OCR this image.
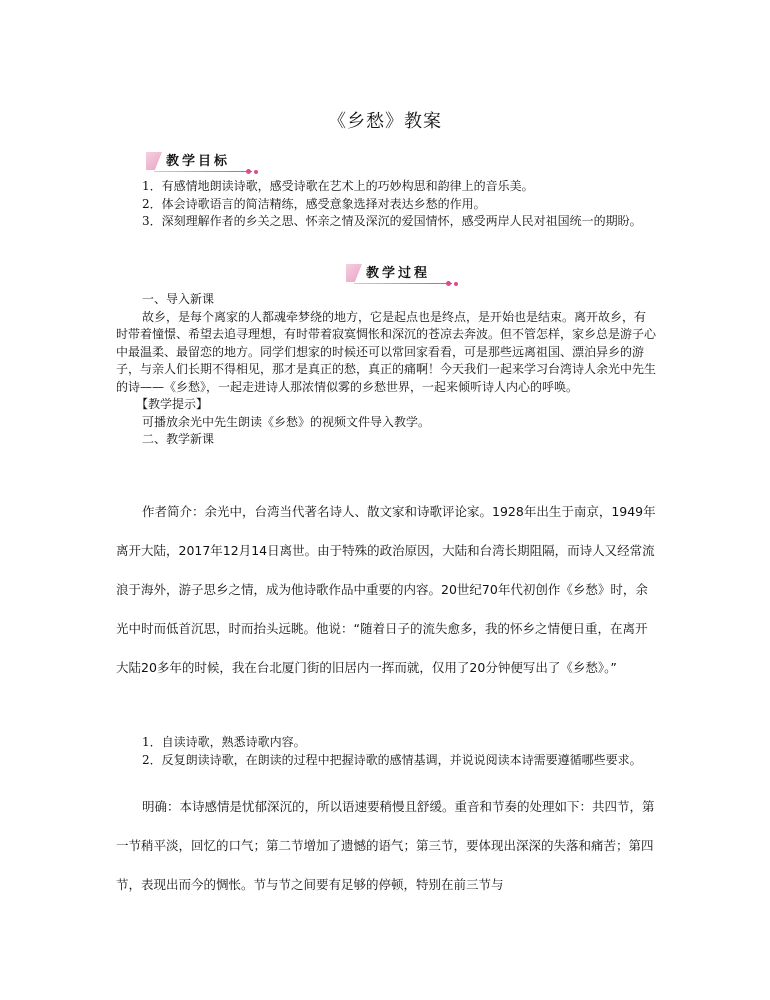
《乡愁》教案
教学目标

1．有感情地朗读诗歌，感受诗歌在艺术上的巧妙构思和韵律上的音乐美。

2．体会诗歌语言的简洁精练，感受意象选择对表达乡愁的作用。

3．深刻理解作者的乡关之思、怀亲之情及深沉的爱国情怀，感受两岸人民对祖国统一的期盼。

教学过程

一、导入新课

故乡，是每个离家的人都魂牵梦绕的地方，它是起点也是终点，是开始也是结束。离开故乡，有时带着憧憬、希望去追寻理想，有时带着寂寞惆怅和深沉的苍凉去奔波。但不管怎样，家乡总是游子心中最温柔、最留恋的地方。同学们想家的时候还可以常回家看看，可是那些远离祖国、漂泊异乡的游子，与亲人们长期不得相见，那才是真正的愁，真正的痛啊！今天我们一起来学习台湾诗人余光中先生的诗——《乡愁》，一起走进诗人那浓情似雾的乡愁世界，一起来倾听诗人内心的呼唤。

【教学提示】

可播放余光中先生朗读《乡愁》的视频文件导入教学。

二、教学新课

作者简介：余光中，台湾当代著名诗人、散文家和诗歌评论家。1928年出生于南京，1949年离开大陆，2017年12月14日离世。由于特殊的政治原因，大陆和台湾长期阻隔，而诗人又经常流浪于海外，游子思乡之情，成为他诗歌作品中重要的内容。20世纪70年代初创作《乡愁》时，余光中时而低首沉思，时而抬头远眺。他说：“随着日子的流失愈多，我的怀乡之情便日重，在离开大陆20多年的时候，我在台北厦门街的旧居内一挥而就，仅用了20分钟便写出了《乡愁》。”

1．自读诗歌，熟悉诗歌内容。

2．反复朗读诗歌，在朗读的过程中把握诗歌的感情基调，并说说阅读本诗需要遵循哪些要求。

明确：本诗感情是忧郁深沉的，所以语速要稍慢且舒缓。重音和节奏的处理如下：共四节，第一节稍平淡，回忆的口气；第二节增加了遗憾的语气；第三节，要体现出深深的失落和痛苦；第四节，表现出而今的惆怅。节与节之间要有足够的停顿，特别在前三节与
